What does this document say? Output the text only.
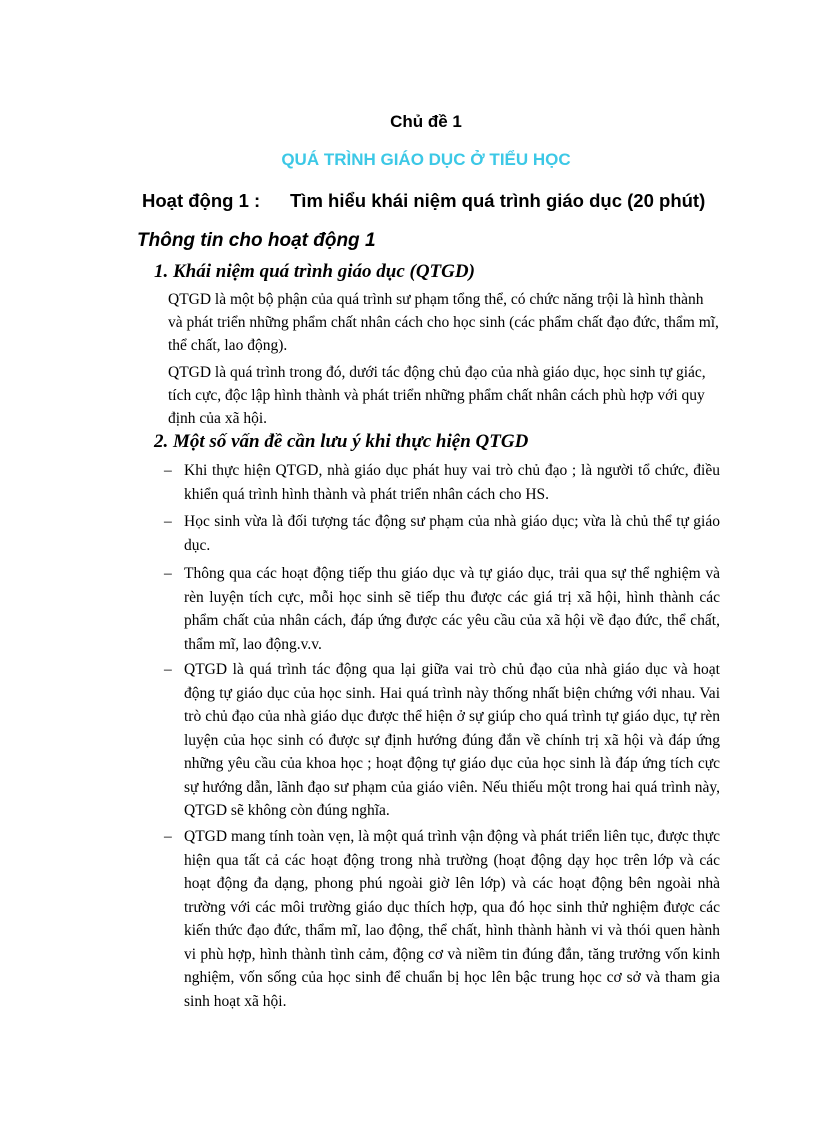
Chủ đề 1
QUÁ TRÌNH GIÁO DỤC Ở TIỂU HỌC
Hoạt động 1 : Tìm hiểu khái niệm quá trình giáo dục (20 phút)
Thông tin cho hoạt động 1
1. Khái niệm quá trình giáo dục (QTGD)

QTGD là một bộ phận của quá trình sư phạm tổng thể, có chức năng trội là hình thành và phát triển những phẩm chất nhân cách cho học sinh (các phẩm chất đạo đức, thẩm mĩ, thể chất, lao động).

QTGD là quá trình trong đó, dưới tác động chủ đạo của nhà giáo dục, học sinh tự giác, tích cực, độc lập hình thành và phát triển những phẩm chất nhân cách phù hợp với quy định của xã hội.

2. Một số vấn đề cần lưu ý khi thực hiện QTGD
– Khi thực hiện QTGD, nhà giáo dục phát huy vai trò chủ đạo ; là người tổ chức, điều khiển quá trình hình thành và phát triển nhân cách cho HS.
– Học sinh vừa là đối tượng tác động sư phạm của nhà giáo dục; vừa là chủ thể tự giáo dục.
– Thông qua các hoạt động tiếp thu giáo dục và tự giáo dục, trải qua sự thể nghiệm và rèn luyện tích cực, mỗi học sinh sẽ tiếp thu được các giá trị xã hội, hình thành các phẩm chất của nhân cách, đáp ứng được các yêu cầu của xã hội về đạo đức, thể chất, thẩm mĩ, lao động.v.v.
– QTGD là quá trình tác động qua lại giữa vai trò chủ đạo của nhà giáo dục và hoạt động tự giáo dục của học sinh. Hai quá trình này thống nhất biện chứng với nhau. Vai trò chủ đạo của nhà giáo dục được thể hiện ở sự giúp cho quá trình tự giáo dục, tự rèn luyện của học sinh có được sự định hướng đúng đắn về chính trị xã hội và đáp ứng những yêu cầu của khoa học ; hoạt động tự giáo dục của học sinh là đáp ứng tích cực sự hướng dẫn, lãnh đạo sư phạm của giáo viên. Nếu thiếu một trong hai quá trình này, QTGD sẽ không còn đúng nghĩa.
– QTGD mang tính toàn vẹn, là một quá trình vận động và phát triển liên tục, được thực hiện qua tất cả các hoạt động trong nhà trường (hoạt động dạy học trên lớp và các hoạt động đa dạng, phong phú ngoài giờ lên lớp) và các hoạt động bên ngoài nhà trường với các môi trường giáo dục thích hợp, qua đó học sinh thử nghiệm được các kiến thức đạo đức, thẩm mĩ, lao động, thể chất, hình thành hành vi và thói quen hành vi phù hợp, hình thành tình cảm, động cơ và niềm tin đúng đắn, tăng trưởng vốn kinh nghiệm, vốn sống của học sinh để chuẩn bị học lên bậc trung học cơ sở và tham gia sinh hoạt xã hội.
